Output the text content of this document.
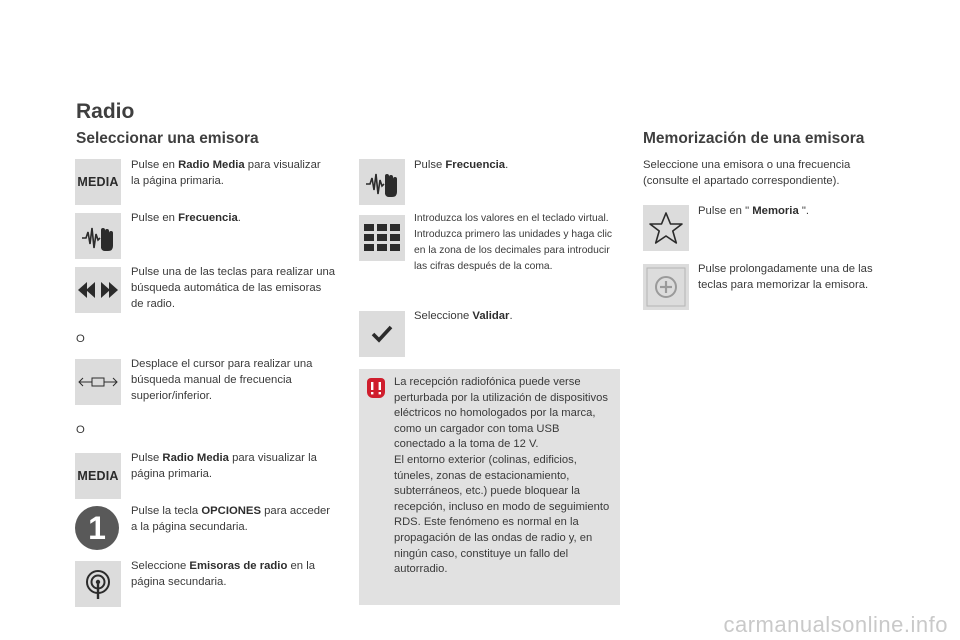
Radio
Seleccionar una emisora
MEDIA
Pulse en Radio Media para visualizar la página primaria.
Pulse en Frecuencia.
Pulse una de las teclas para realizar una búsqueda automática de las emisoras de radio.
O
Desplace el cursor para realizar una búsqueda manual de frecuencia superior/inferior.
O
MEDIA
Pulse Radio Media para visualizar la página primaria.
1	Pulse la tecla OPCIONES para acceder a la página secundaria.
Seleccione Emisoras de radio en la página secundaria.
Pulse Frecuencia.
Introduzca los valores en el teclado virtual.
Introduzca primero las unidades y haga clic en la zona de los decimales para introducir las cifras después de la coma.
Seleccione Validar.
La recepción radiofónica puede verse perturbada por la utilización de dispositivos eléctricos no homologados por la marca, como un cargador con toma USB conectado a la toma de 12 V.
El entorno exterior (colinas, edificios, túneles, zonas de estacionamiento, subterráneos, etc.) puede bloquear la recepción, incluso en modo de seguimiento RDS. Este fenómeno es normal en la propagación de las ondas de radio y, en ningún caso, constituye un fallo del autorradio.
Memorización de una emisora
Seleccione una emisora o una frecuencia (consulte el apartado correspondiente).
Pulse en " Memoria ".
Pulse prolongadamente una de las teclas para memorizar la emisora.
carmanualsonline.info
